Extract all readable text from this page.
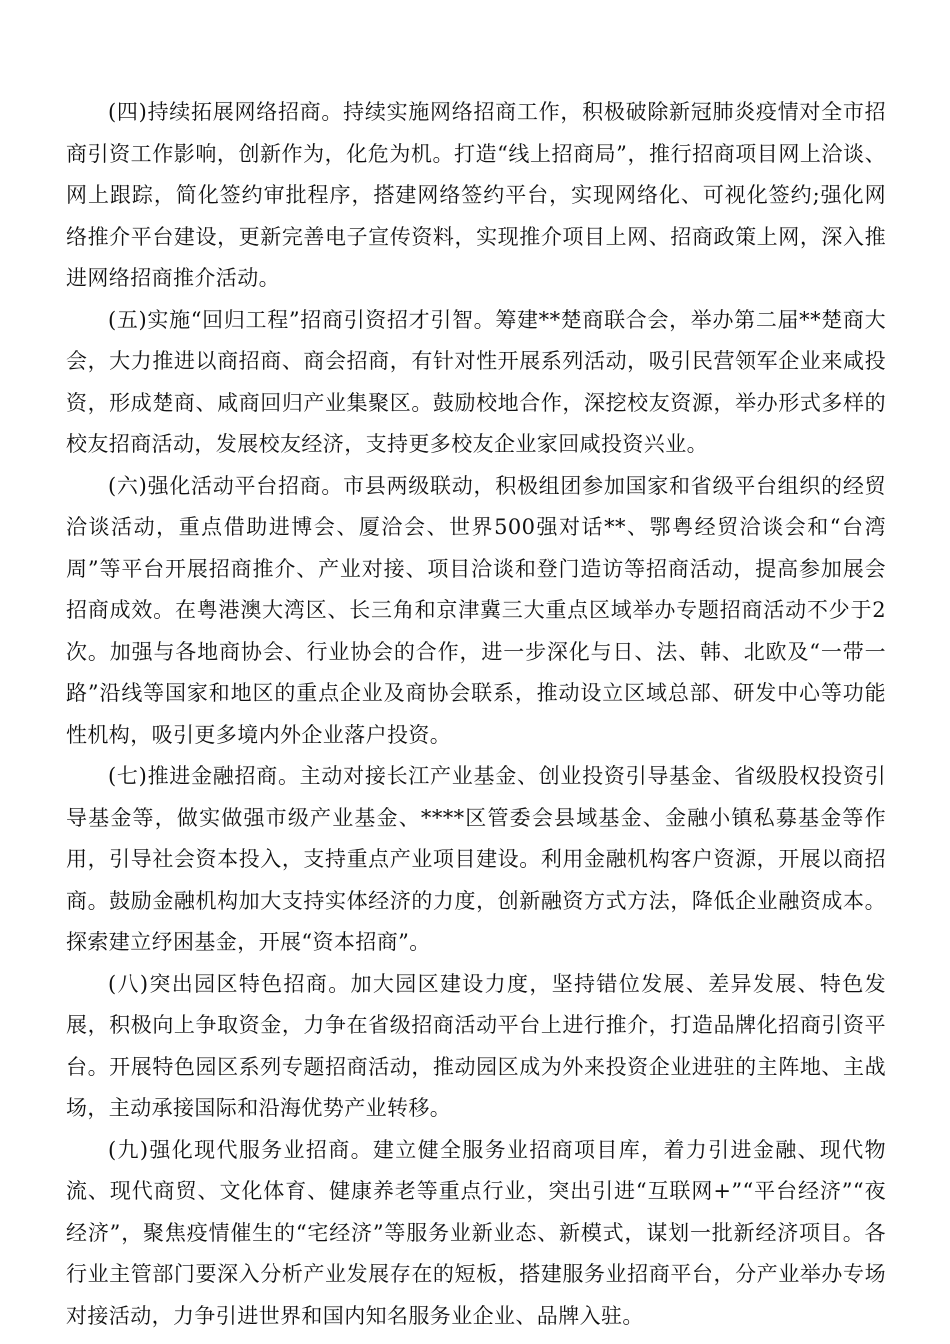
(四)持续拓展网络招商。持续实施网络招商工作，积极破除新冠肺炎疫情对全市招商引资工作影响，创新作为，化危为机。打造“线上招商局”，推行招商项目网上洽谈、网上跟踪，简化签约审批程序，搭建网络签约平台，实现网络化、可视化签约;强化网络推介平台建设，更新完善电子宣传资料，实现推介项目上网、招商政策上网，深入推进网络招商推介活动。

(五)实施“回归工程”招商引资招才引智。筹建**楚商联合会，举办第二届**楚商大会，大力推进以商招商、商会招商，有针对性开展系列活动，吸引民营领军企业来咸投资，形成楚商、咸商回归产业集聚区。鼓励校地合作，深挖校友资源，举办形式多样的校友招商活动，发展校友经济，支持更多校友企业家回咸投资兴业。

(六)强化活动平台招商。市县两级联动，积极组团参加国家和省级平台组织的经贸洽谈活动，重点借助进博会、厦洽会、世界500强对话**、鄂粤经贸洽谈会和“台湾周”等平台开展招商推介、产业对接、项目洽谈和登门造访等招商活动，提高参加展会招商成效。在粤港澳大湾区、长三角和京津冀三大重点区域举办专题招商活动不少于2次。加强与各地商协会、行业协会的合作，进一步深化与日、法、韩、北欧及“一带一路”沿线等国家和地区的重点企业及商协会联系，推动设立区域总部、研发中心等功能性机构，吸引更多境内外企业落户投资。

(七)推进金融招商。主动对接长江产业基金、创业投资引导基金、省级股权投资引导基金等，做实做强市级产业基金、****区管委会县域基金、金融小镇私募基金等作用，引导社会资本投入，支持重点产业项目建设。利用金融机构客户资源，开展以商招商。鼓励金融机构加大支持实体经济的力度，创新融资方式方法，降低企业融资成本。探索建立纾困基金，开展“资本招商”。

(八)突出园区特色招商。加大园区建设力度，坚持错位发展、差异发展、特色发展，积极向上争取资金，力争在省级招商活动平台上进行推介，打造品牌化招商引资平台。开展特色园区系列专题招商活动，推动园区成为外来投资企业进驻的主阵地、主战场，主动承接国际和沿海优势产业转移。

(九)强化现代服务业招商。建立健全服务业招商项目库，着力引进金融、现代物流、现代商贸、文化体育、健康养老等重点行业，突出引进“互联网+”“平台经济”“夜经济”，聚焦疫情催生的“宅经济”等服务业新业态、新模式，谋划一批新经济项目。各行业主管部门要深入分析产业发展存在的短板，搭建服务业招商平台，分产业举办专场对接活动，力争引进世界和国内知名服务业企业、品牌入驻。
